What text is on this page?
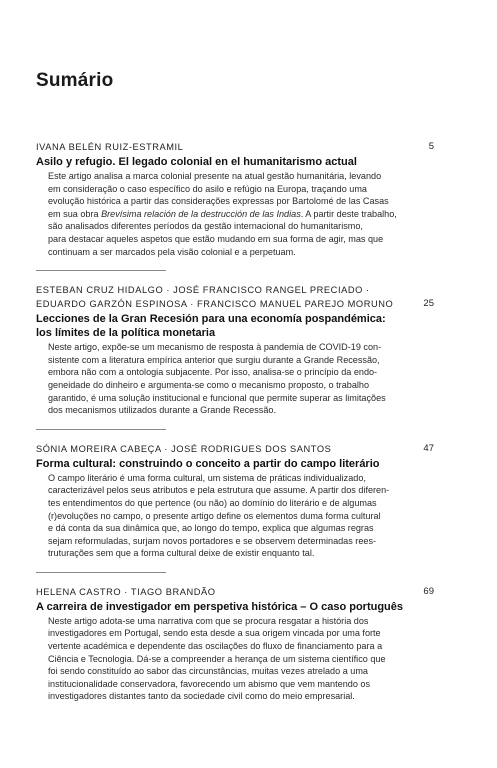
Sumário
IVANA BELÉN RUIZ-ESTRAMIL	5
Asilo y refugio. El legado colonial en el humanitarismo actual
Este artigo analisa a marca colonial presente na atual gestão humanitária, levando
em consideração o caso específico do asilo e refúgio na Europa, traçando uma
evolução histórica a partir das considerações expressas por Bartolomé de las Casas
em sua obra Brevísima relación de la destrucción de las Indias. A partir deste trabalho,
são analisados diferentes períodos da gestão internacional do humanitarismo,
para destacar aqueles aspetos que estão mudando em sua forma de agir, mas que
continuam a ser marcados pela visão colonial e a perpetuam.
ESTEBAN CRUZ HIDALGO · JOSÉ FRANCISCO RANGEL PRECIADO ·
EDUARDO GARZÓN ESPINOSA · FRANCISCO MANUEL PAREJO MORUNO	25
Lecciones de la Gran Recesión para una economía pospandémica:
los límites de la política monetaria
Neste artigo, expõe-se um mecanismo de resposta à pandemia de COVID-19 con-
sistente com a literatura empírica anterior que surgiu durante a Grande Recessão,
embora não com a ontologia subjacente. Por isso, analisa-se o princípio da endo-
geneidade do dinheiro e argumenta-se como o mecanismo proposto, o trabalho
garantido, é uma solução institucional e funcional que permite superar as limitações
dos mecanismos utilizados durante a Grande Recessão.
SÓNIA MOREIRA CABEÇA · JOSÉ RODRIGUES DOS SANTOS	47
Forma cultural: construindo o conceito a partir do campo literário
O campo literário é uma forma cultural, um sistema de práticas individualizado,
caracterizável pelos seus atributos e pela estrutura que assume. A partir dos diferen-
tes entendimentos do que pertence (ou não) ao domínio do literário e de algumas
(r)evoluções no campo, o presente artigo define os elementos duma forma cultural
e dá conta da sua dinâmica que, ao longo do tempo, explica que algumas regras
sejam reformuladas, surjam novos portadores e se observem determinadas rees-
truturações sem que a forma cultural deixe de existir enquanto tal.
HELENA CASTRO · TIAGO BRANDÃO	69
A carreira de investigador em perspetiva histórica – O caso português
Neste artigo adota-se uma narrativa com que se procura resgatar a história dos
investigadores em Portugal, sendo esta desde a sua origem vincada por uma forte
vertente académica e dependente das oscilações do fluxo de financiamento para a
Ciência e Tecnologia. Dá-se a compreender a herança de um sistema científico que
foi sendo constituído ao sabor das circunstâncias, muitas vezes atrelado a uma
institucionalidade conservadora, favorecendo um abismo que vem mantendo os
investigadores distantes tanto da sociedade civil como do meio empresarial.
